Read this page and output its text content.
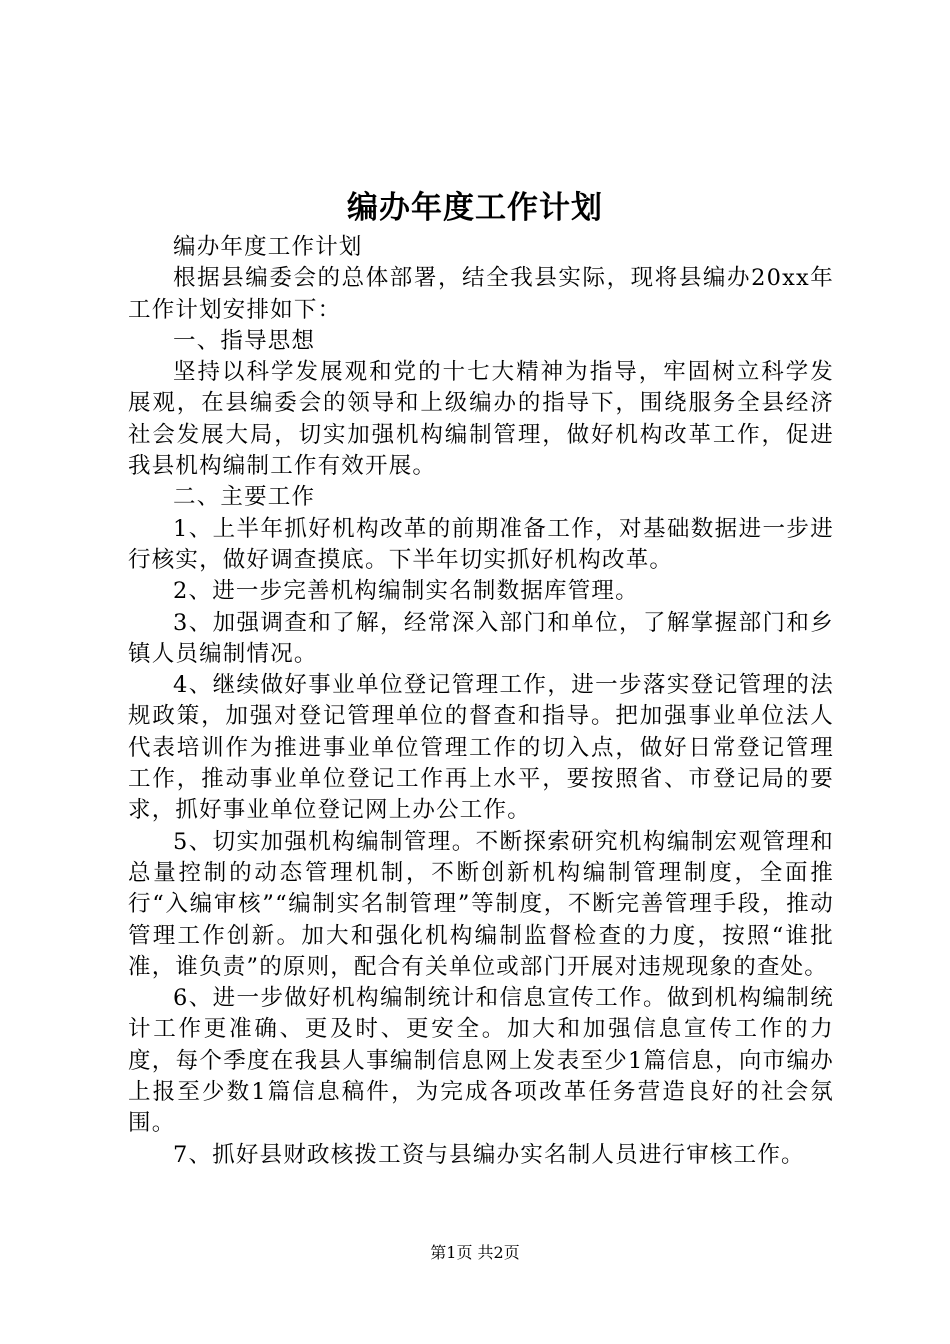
编办年度工作计划

编办年度工作计划

根据县编委会的总体部署，结全我县实际，现将县编办20xx年工作计划安排如下：

一、指导思想

坚持以科学发展观和党的十七大精神为指导，牢固树立科学发展观，在县编委会的领导和上级编办的指导下，围绕服务全县经济社会发展大局，切实加强机构编制管理，做好机构改革工作，促进我县机构编制工作有效开展。

二、主要工作

1、上半年抓好机构改革的前期准备工作，对基础数据进一步进行核实，做好调查摸底。下半年切实抓好机构改革。

2、进一步完善机构编制实名制数据库管理。

3、加强调查和了解，经常深入部门和单位，了解掌握部门和乡镇人员编制情况。

4、继续做好事业单位登记管理工作，进一步落实登记管理的法规政策，加强对登记管理单位的督查和指导。把加强事业单位法人代表培训作为推进事业单位管理工作的切入点，做好日常登记管理工作，推动事业单位登记工作再上水平，要按照省、市登记局的要求，抓好事业单位登记网上办公工作。

5、切实加强机构编制管理。不断探索研究机构编制宏观管理和总量控制的动态管理机制，不断创新机构编制管理制度，全面推行“入编审核”“编制实名制管理”等制度，不断完善管理手段，推动管理工作创新。加大和强化机构编制监督检查的力度，按照“谁批准，谁负责”的原则，配合有关单位或部门开展对违规现象的查处。

6、进一步做好机构编制统计和信息宣传工作。做到机构编制统计工作更准确、更及时、更安全。加大和加强信息宣传工作的力度，每个季度在我县人事编制信息网上发表至少1篇信息，向市编办上报至少数1篇信息稿件，为完成各项改革任务营造良好的社会氛围。

7、抓好县财政核拨工资与县编办实名制人员进行审核工作。

第1页 共2页
